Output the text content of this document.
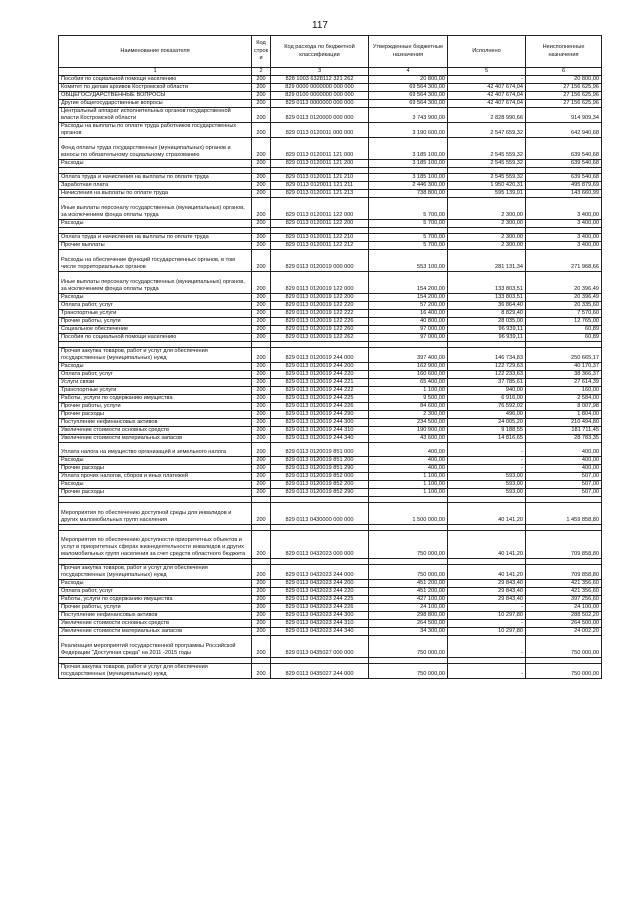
117
Наименование показателя	Код строк и	Код расхода по бюджетной классификации	Утвержденные бюджетные назначения	Исполнено	Неисполненные назначения
1	2	3	4	5	6
Пособия по социальной помощи населению	200	828 1003 6328112 321 262	20 800,00	-	20 800,00
Комитет по делам архивов Костромской области	200	829 0000 0000000 000 000	69 564 300,00	42 407 674,04	27 156 625,96
ОБЩЕГОСУДАРСТВЕННЫЕ ВОПРОСЫ	200	829 0100 0000000 000 000	69 564 300,00	42 407 674,04	27 156 625,96
Другие общегосударственные вопросы	200	829 0113 0000000 000 000	69 564 300,00	42 407 674,04	27 156 625,96
Центральный аппарат исполнительных органов государственной власти Костромской области	200	829 0113 0120000 000 000	3 743 900,00	2 828 990,66	914 909,34
Расходы на выплаты по оплате труда работников государственных органов	200	829 0113 0120011 000 000	3 190 600,00	2 547 659,32	642 940,68
Фонд оплаты труда государственных (муниципальных) органов и взносы по обязательному социальному страхованию	200	829 0113 0120011 121 000	3 185 100,00	2 545 559,32	639 540,68
Расходы	200	829 0113 0120011 121 200	3 185 100,00	2 545 559,32	639 540,68

Оплата труда и начисления на выплаты по оплате труда	200	829 0113 0120011 121 210	3 185 100,00	2 545 559,32	639 540,68
Заработная плата	200	829 0113 0120011 121 211	2 446 300,00	1 950 420,31	495 879,69
Начисления на выплаты по оплате труда	200	829 0113 0120011 121 213	738 800,00	595 139,01	143 660,99
Иные выплаты персоналу государственных (муниципальных) органов, за исключением фонда оплаты труда	200	829 0113 0120011 122 000	5 700,00	2 300,00	3 400,00
Расходы	200	829 0113 0120011 122 200	5 700,00	2 300,00	3 400,00

Оплата труда и начисления на выплаты по оплате труда	200	829 0113 0120011 122 210	5 700,00	2 300,00	3 400,00
Прочие выплаты	200	829 0113 0120011 122 212	5 700,00	2 300,00	3 400,00
Расходы на обеспечение функций государственных органов, в том числе территориальных органов	200	829 0113 0120019 000 000	553 100,00	281 131,34	271 968,66
Иные выплаты персоналу государственных (муниципальных) органов, за исключением фонда оплаты труда	200	829 0113 0120019 122 000	154 200,00	133 803,51	20 396,49
Расходы	200	829 0113 0120019 122 200	154 200,00	133 803,51	20 396,49
Оплата работ, услуг	200	829 0113 0120019 122 220	57 200,00	36 864,40	20 335,60
Транспортные услуги	200	829 0113 0120019 122 222	16 400,00	8 829,40	7 570,60
Прочие работы, услуги	200	829 0113 0120019 122 226	40 800,00	28 035,00	12 765,00
Социальное обеспечение	200	829 0113 0120019 122 260	97 000,00	96 939,11	60,89
Пособия по социальной помощи населению	200	829 0113 0120019 122 262	97 000,00	96 939,11	60,89

Прочая закупка товаров, работ и услуг для обеспечения государственных (муниципальных) нужд	200	829 0113 0120019 244 000	397 400,00	146 734,83	250 665,17
Расходы	200	829 0113 0120019 244 200	162 900,00	122 729,63	40 170,37
Оплата работ, услуг	200	829 0113 0120019 244 220	160 600,00	122 233,63	38 366,37
Услуги связи	200	829 0113 0120019 244 221	65 400,00	37 785,61	27 614,39
Транспортные услуги	200	829 0113 0120019 244 222	1 100,00	940,00	160,00
Работы, услуги по содержанию имущества	200	829 0113 0120019 244 225	9 500,00	6 916,00	2 584,00
Прочие работы, услуги	200	829 0113 0120019 244 226	84 600,00	76 592,02	8 007,98
Прочие расходы	200	829 0113 0120019 244 290	2 300,00	496,00	1 804,00
Поступление нефинансовых активов	200	829 0113 0120019 244 300	234 500,00	24 005,20	210 494,80
Увеличение стоимости основных средств	200	829 0113 0120019 244 310	190 900,00	9 188,55	181 711,45
Увеличение стоимости материальных запасов	200	829 0113 0120019 244 340	43 600,00	14 816,65	28 783,35
Уплата налога на имущество организаций и земельного налога	200	829 0113 0120019 851 000	400,00	-	400,00
Расходы	200	829 0113 0120019 851 200	400,00	-	400,00
Прочие расходы	200	829 0113 0120019 851 290	400,00	-	400,00
Уплата прочих налогов, сборов и иных платежей	200	829 0113 0120019 852 000	1 100,00	593,00	507,00
Расходы	200	829 0113 0120019 852 200	1 100,00	593,00	507,00
Прочие расходы	200	829 0113 0120019 852 290	1 100,00	593,00	507,00

Мероприятия по обеспечению доступной среды для инвалидов и других маломобильных групп населения	200	829 0113 0430000 000 000	1 500 000,00	40 141,20	1 459 858,80

Мероприятия по обеспечению доступности приоритетных объектов и услуг в приоритетных сферах жизнедеятельности инвалидов и других маломобильных групп населения за счет средств областного бюджета	200	829 0113 0432023 000 000	750 000,00	40 141,20	709 858,80

Прочая закупка товаров, работ и услуг для обеспечения государственных (муниципальных) нужд	200	829 0113 0432023 244 000	750 000,00	40 141,20	709 858,80
Расходы	200	829 0113 0432023 244 200	451 200,00	29 843,40	421 356,60
Оплата работ, услуг	200	829 0113 0432023 244 220	451 200,00	29 843,40	421 356,60
Работы, услуги по содержанию имущества	200	829 0113 0432023 244 225	427 100,00	29 843,40	397 256,60
Прочие работы, услуги	200	829 0113 0432023 244 226	24 100,00	-	24 100,00
Поступление нефинансовых активов	200	829 0113 0432023 244 300	298 800,00	10 297,80	288 502,20
Увеличение стоимости основных средств	200	829 0113 0432023 244 310	264 500,00	-	264 500,00
Увеличение стоимости материальных запасов	200	829 0113 0432023 244 340	34 300,00	10 297,80	24 002,20
Реализация мероприятий государственной программы Российской Федерации "Доступная среда" на 2011 -2015 годы	200	829 0113 0435027 000 000	750 000,00	-	750 000,00

Прочая закупка товаров, работ и услуг для обеспечения государственных (муниципальных) нужд	200	829 0113 0435027 244 000	750 000,00	-	750 000,00
